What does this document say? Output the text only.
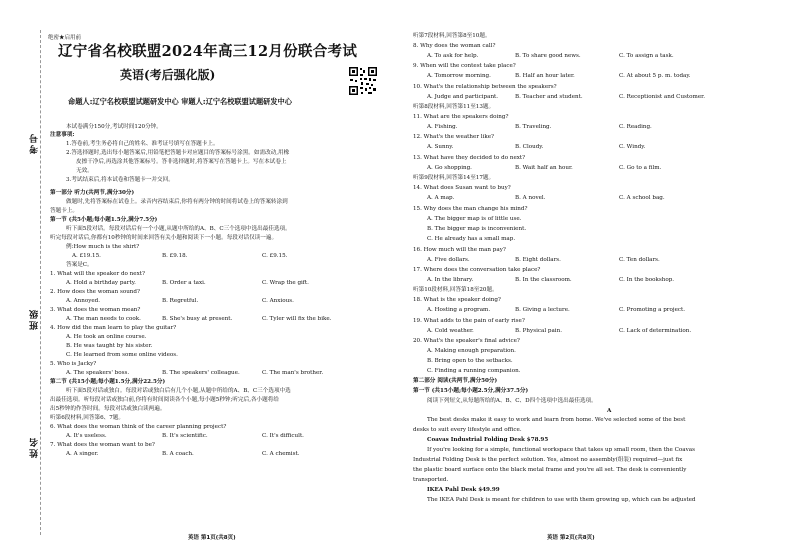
考号
班级
姓名
绝密★启用前
辽宁省名校联盟2024年高三12月份联合考试
英语(考后强化版)
命题人:辽宁名校联盟试题研发中心 审题人:辽宁名校联盟试题研发中心
本试卷满分150分,考试时间120分钟。
注意事项:
1.答卷前,考生务必将自己的姓名、准考证号填写在答题卡上。
2.答选择题时,选出每小题答案后,用铅笔把答题卡对应题目的答案标号涂黑。如需改动,用橡
皮擦干净后,再选涂其他答案标号。答非选择题时,将答案写在答题卡上。写在本试卷上
无效。
3.考试结束后,将本试卷和答题卡一并交回。
第一部分 听力(共两节,满分30分)
做题时,先将答案标在试卷上。录音内容结束后,你将有两分钟的时间将试卷上的答案转涂到
答题卡上。
第一节 (共5小题;每小题1.5分,满分7.5分)
听下面5段对话。每段对话后有一个小题,从题中所给的A、B、C三个选项中选出最佳选项。
听完每段对话后,你都有10秒钟的时间来回答有关小题和阅读下一小题。每段对话仅读一遍。
例:How much is the shirt?
A. £19.15.	B. £9.18.	C. £9.15.
答案是C。
1. What will the speaker do next?
A. Hold a birthday party.	B. Order a taxi.	C. Wrap the gift.
2. How does the woman sound?
A. Annoyed.	B. Regretful.	C. Anxious.
3. What does the woman mean?
A. The man needs to cook.	B. She's busy at present.	C. Tyler will fix the bike.
4. How did the man learn to play the guitar?
A. He took an online course.
B. He was taught by his sister.
C. He learned from some online videos.
5. Who is Jacky?
A. The speakers' boss.	B. The speakers' colleague.	C. The man's brother.
第二节 (共15小题;每小题1.5分,满分22.5分)
听下面5段对话或独白。每段对话或独白后有几个小题,从题中所给的A、B、C三个选项中选
出最佳选项。听每段对话或独白前,你将有时间阅读各个小题,每小题5秒钟;听完后,各小题将给
出5秒钟的作答时间。每段对话或独白读两遍。
听第6段材料,回答第6、7题。
6. What does the woman think of the career planning project?
A. It's useless.	B. It's scientific.	C. It's difficult.
7. What does the woman want to be?
A. A singer.	B. A coach.	C. A chemist.
英语 第1页(共8页)
听第7段材料,回答第8至10题。
8. Why does the woman call?
A. To ask for help.	B. To share good news.	C. To assign a task.
9. When will the contest take place?
A. Tomorrow morning.	B. Half an hour later.	C. At about 5 p. m. today.
10. What's the relationship between the speakers?
A. Judge and participant.	B. Teacher and student.	C. Receptionist and Customer.
听第8段材料,回答第11至13题。
11. What are the speakers doing?
A. Fishing.	B. Traveling.	C. Reading.
12. What's the weather like?
A. Sunny.	B. Cloudy.	C. Windy.
13. What have they decided to do next?
A. Go shopping.	B. Wait half an hour.	C. Go to a film.
听第9段材料,回答第14至17题。
14. What does Susan want to buy?
A. A map.	B. A novel.	C. A school bag.
15. Why does the man change his mind?
A. The bigger map is of little use.
B. The bigger map is inconvenient.
C. He already has a small map.
16. How much will the man pay?
A. Five dollars.	B. Eight dollars.	C. Ten dollars.
17. Where does the conversation take place?
A. In the library.	B. In the classroom.	C. In the bookshop.
听第10段材料,回答第18至20题。
18. What is the speaker doing?
A. Hosting a program.	B. Giving a lecture.	C. Promoting a project.
19. What adds to the pain of early rise?
A. Cold weather.	B. Physical pain.	C. Lack of determination.
20. What's the speaker's final advice?
A. Making enough preparation.
B. Bring open to the setbacks.
C. Finding a running companion.
第二部分 阅读(共两节,满分50分)
第一节 (共15小题;每小题2.5分,满分37.5分)
阅读下列短文,从每题所给的A、B、C、D四个选项中选出最佳选项。
A
The best desks make it easy to work and learn from home. We've selected some of the best
desks to suit every lifestyle and office.
Coavas Industrial Folding Desk $78.95
If you're looking for a simple, functional workspace that takes up small room, then the Coavas
Industrial Folding Desk is the perfect solution. Yes, almost no assembly(组装) required—just fix
the plastic board surface onto the black metal frame and you're all set. The desk is conveniently
transported.
IKEA Pahl Desk $49.99
The IKEA Pahl Desk is meant for children to use with them growing up, which can be adjusted
英语 第2页(共8页)
